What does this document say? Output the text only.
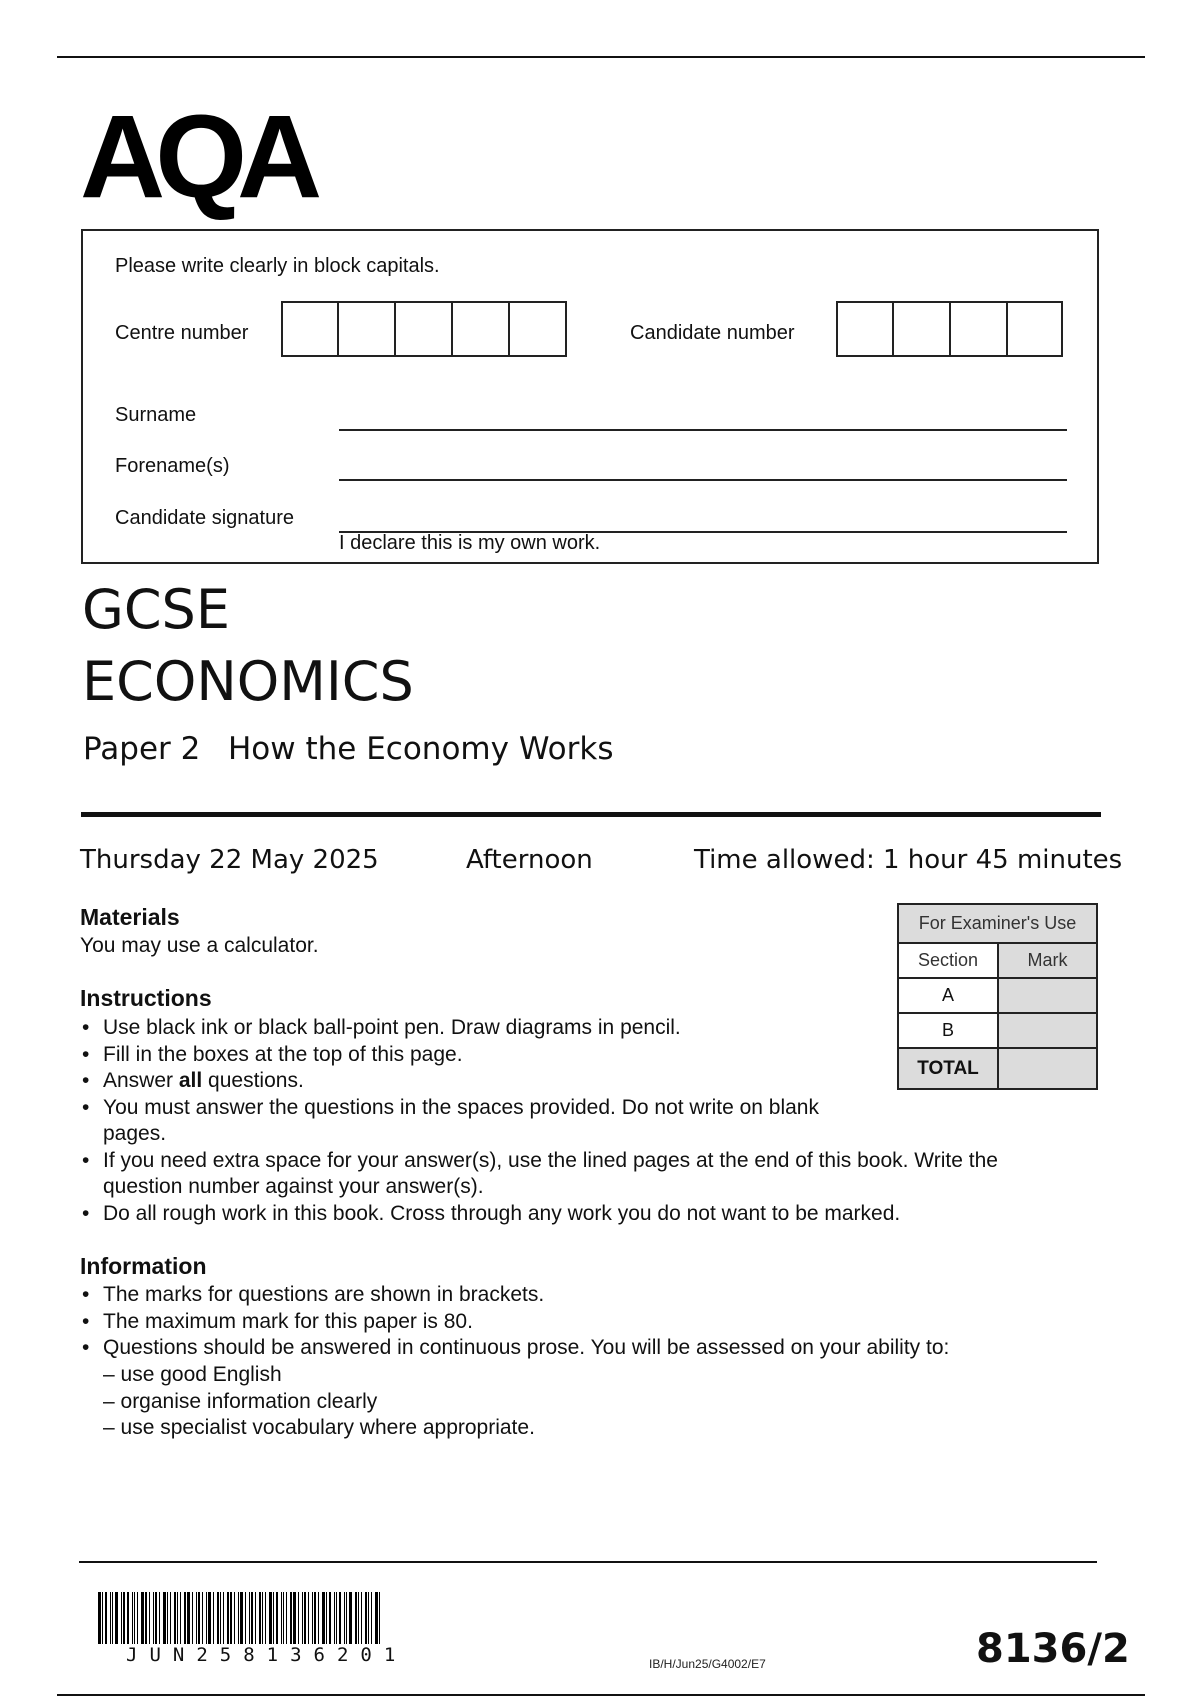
AQA
Please write clearly in block capitals.
Centre number	Candidate number
Surname
Forename(s)
Candidate signature
I declare this is my own work.
GCSE
ECONOMICS
Paper 2 How the Economy Works
Thursday 22 May 2025	Afternoon	Time allowed: 1 hour 45 minutes
Materials
You may use a calculator.
Instructions
• Use black ink or black ball-point pen. Draw diagrams in pencil.
• Fill in the boxes at the top of this page.
• Answer all questions.
• You must answer the questions in the spaces provided. Do not write on blank pages.
• If you need extra space for your answer(s), use the lined pages at the end of this book. Write the question number against your answer(s).
• Do all rough work in this book. Cross through any work you do not want to be marked.
Information
• The marks for questions are shown in brackets.
• The maximum mark for this paper is 80.
• Questions should be answered in continuous prose. You will be assessed on your ability to:
– use good English
– organise information clearly
– use specialist vocabulary where appropriate.
For Examiner's Use	
Section	Mark
A	
B	
TOTAL	
JUN258136201	IB/H/Jun25/G4002/E7	8136/2
